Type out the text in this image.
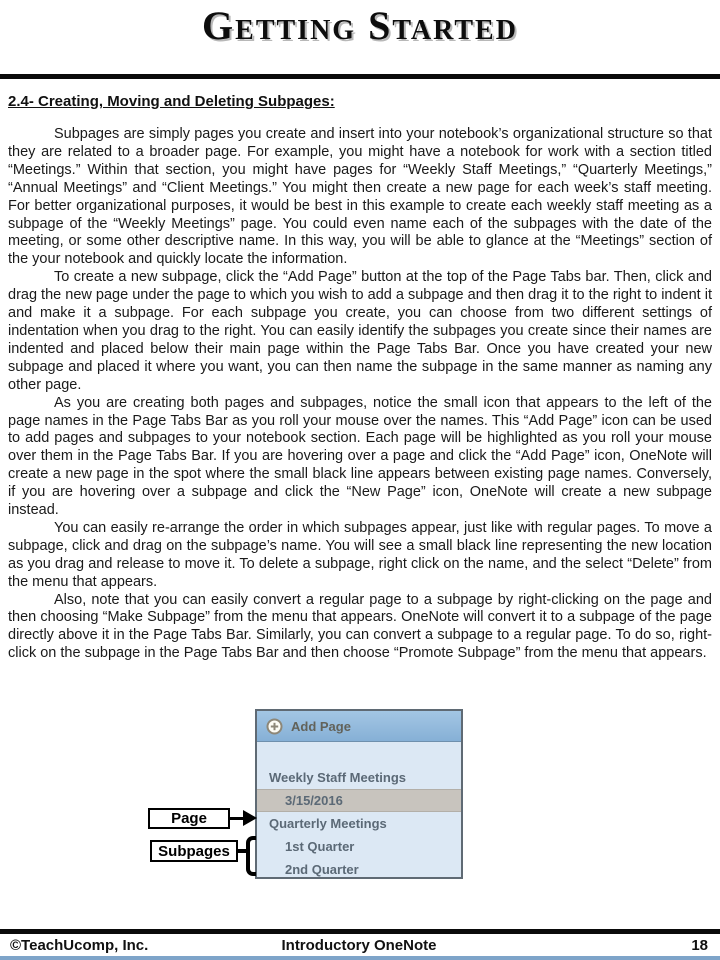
Getting Started
2.4- Creating, Moving and Deleting Subpages:

Subpages are simply pages you create and insert into your notebook’s organizational structure so that they are related to a broader page. For example, you might have a notebook for work with a section titled “Meetings.” Within that section, you might have pages for “Weekly Staff Meetings,” “Quarterly Meetings,” “Annual Meetings” and “Client Meetings.” You might then create a new page for each week’s staff meeting. For better organizational purposes, it would be best in this example to create each weekly staff meeting as a subpage of the “Weekly Meetings” page. You could even name each of the subpages with the date of the meeting, or some other descriptive name. In this way, you will be able to glance at the “Meetings” section of the your notebook and quickly locate the information.

To create a new subpage, click the “Add Page” button at the top of the Page Tabs bar. Then, click and drag the new page under the page to which you wish to add a subpage and then drag it to the right to indent it and make it a subpage. For each subpage you create, you can choose from two different settings of indentation when you drag to the right. You can easily identify the subpages you create since their names are indented and placed below their main page within the Page Tabs Bar. Once you have created your new subpage and placed it where you want, you can then name the subpage in the same manner as naming any other page.

As you are creating both pages and subpages, notice the small icon that appears to the left of the page names in the Page Tabs Bar as you roll your mouse over the names. This “Add Page” icon can be used to add pages and subpages to your notebook section. Each page will be highlighted as you roll your mouse over them in the Page Tabs Bar. If you are hovering over a page and click the “Add Page” icon, OneNote will create a new page in the spot where the small black line appears between existing page names. Conversely, if you are hovering over a subpage and click the “New Page” icon, OneNote will create a new subpage instead.

You can easily re-arrange the order in which subpages appear, just like with regular pages. To move a subpage, click and drag on the subpage’s name. You will see a small black line representing the new location as you drag and release to move it. To delete a subpage, right click on the name, and the select “Delete” from the menu that appears.

Also, note that you can easily convert a regular page to a subpage by right-clicking on the page and then choosing “Make Subpage” from the menu that appears. OneNote will convert it to a subpage of the page directly above it in the Page Tabs Bar. Similarly, you can convert a subpage to a regular page. To do so, right-click on the subpage in the Page Tabs Bar and then choose “Promote Subpage” from the menu that appears.

Add Page
Weekly Staff Meetings
3/15/2016
Quarterly Meetings
1st Quarter
2nd Quarter
Page
Subpages
©TeachUcomp, Inc.	Introductory OneNote	18
